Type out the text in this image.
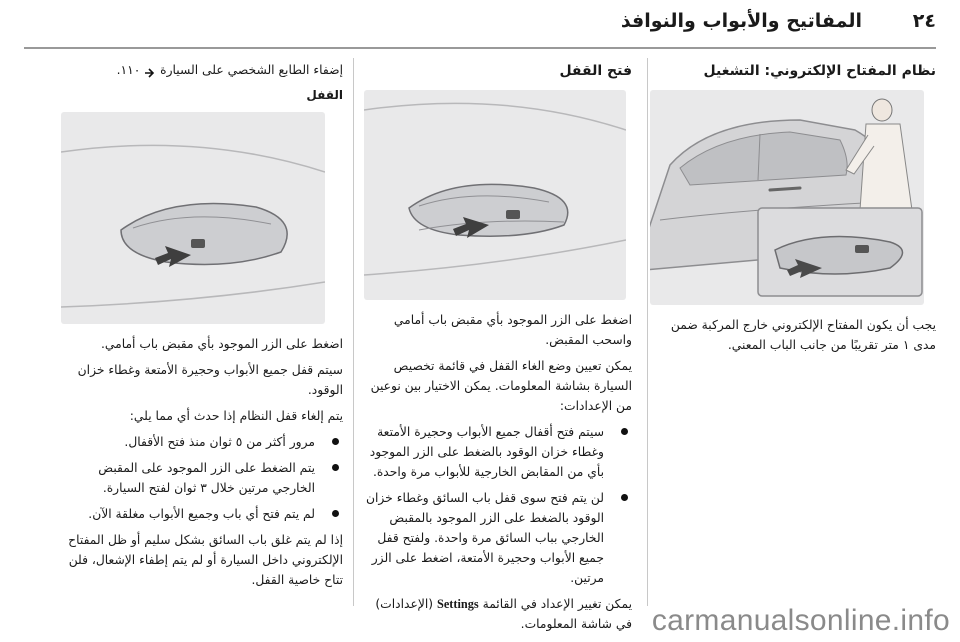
٢٤
المفاتيح والأبواب والنوافذ
نظام المفتاح الإلكتروني: التشغيل

يجب أن يكون المفتاح الإلكتروني خارج المركبة ضمن مدى ١ متر تقريبًا من جانب الباب المعني.

فتح القفل

اضغط على الزر الموجود بأي مقبض باب أمامي واسحب المقبض.

يمكن تعيين وضع الغاء القفل في قائمة تخصيص السيارة بشاشة المعلومات. يمكن الاختيار بين نوعين من الإعدادات:

سيتم فتح أقفال جميع الأبواب وحجيرة الأمتعة وغطاء خزان الوقود بالضغط على الزر الموجود بأي من المقابض الخارجية للأبواب مرة واحدة.
لن يتم فتح سوى قفل باب السائق وغطاء خزان الوقود بالضغط على الزر الموجود بالمقبض الخارجي بباب السائق مرة واحدة. ولفتح قفل جميع الأبواب وحجيرة الأمتعة، اضغط على الزر مرتين.

يمكن تغيير الإعداد في القائمة Settings (الإعدادات) في شاشة المعلومات.

إضفاء الطابع الشخصي على السيارة  ١١٠.

القفل

اضغط على الزر الموجود بأي مقبض باب أمامي.

سيتم قفل جميع الأبواب وحجيرة الأمتعة وغطاء خزان الوقود.

يتم إلغاء قفل النظام إذا حدث أي مما يلي:

مرور أكثر من ٥ ثوان منذ فتح الأقفال.
يتم الضغط على الزر الموجود على المقبض الخارجي مرتين خلال ٣ ثوان لفتح السيارة.
لم يتم فتح أي باب وجميع الأبواب مغلقة الآن.

إذا لم يتم غلق باب السائق بشكل سليم أو ظل المفتاح الإلكتروني داخل السيارة أو لم يتم إطفاء الإشعال، فلن تتاح خاصية القفل.

carmanualsonline.info
